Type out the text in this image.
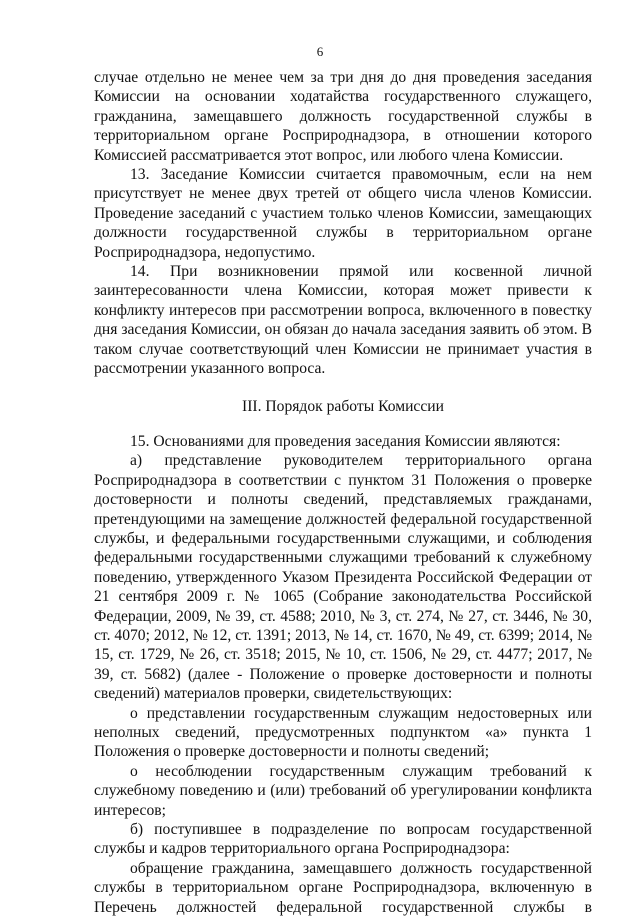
6

случае отдельно не менее чем за три дня до дня проведения заседания Комиссии на основании ходатайства государственного служащего, гражданина, замещавшего должность государственной службы в территориальном органе Росприроднадзора, в отношении которого Комиссией рассматривается этот вопрос, или любого члена Комиссии.

13. Заседание Комиссии считается правомочным, если на нем присутствует не менее двух третей от общего числа членов Комиссии. Проведение заседаний с участием только членов Комиссии, замещающих должности государственной службы в территориальном органе Росприроднадзора, недопустимо.

14. При возникновении прямой или косвенной личной заинтересованности члена Комиссии, которая может привести к конфликту интересов при рассмотрении вопроса, включенного в повестку дня заседания Комиссии, он обязан до начала заседания заявить об этом. В таком случае соответствующий член Комиссии не принимает участия в рассмотрении указанного вопроса.

III. Порядок работы Комиссии

15. Основаниями для проведения заседания Комиссии являются:

а) представление руководителем территориального органа Росприроднадзора в соответствии с пунктом 31 Положения о проверке достоверности и полноты сведений, представляемых гражданами, претендующими на замещение должностей федеральной государственной службы, и федеральными государственными служащими, и соблюдения федеральными государственными служащими требований к служебному поведению, утвержденного Указом Президента Российской Федерации от 21 сентября 2009 г. № 1065 (Собрание законодательства Российской Федерации, 2009, № 39, ст. 4588; 2010, № 3, ст. 274, № 27, ст. 3446, № 30, ст. 4070; 2012, № 12, ст. 1391; 2013, № 14, ст. 1670, № 49, ст. 6399; 2014, № 15, ст. 1729, № 26, ст. 3518; 2015, № 10, ст. 1506, № 29, ст. 4477; 2017, № 39, ст. 5682) (далее - Положение о проверке достоверности и полноты сведений) материалов проверки, свидетельствующих:

о представлении государственным служащим недостоверных или неполных сведений, предусмотренных подпунктом «а» пункта 1 Положения о проверке достоверности и полноты сведений;

о несоблюдении государственным служащим требований к служебному поведению и (или) требований об урегулировании конфликта интересов;

б) поступившее в подразделение по вопросам государственной службы и кадров территориального органа Росприроднадзора:

обращение гражданина, замещавшего должность государственной службы в территориальном органе Росприроднадзора, включенную в Перечень должностей федеральной государственной службы в
